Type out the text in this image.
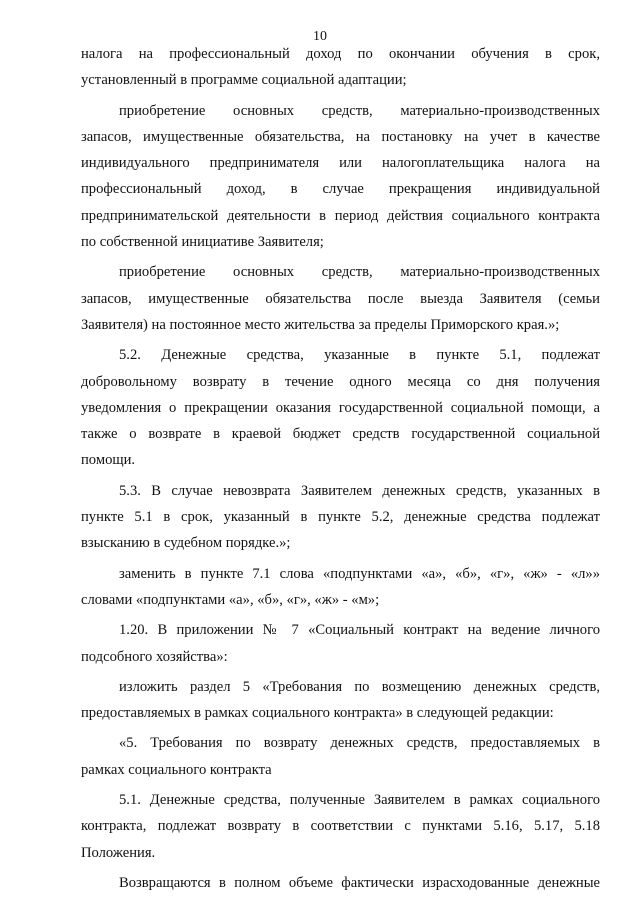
10
налога на профессиональный доход по окончании обучения в срок,
установленный в программе социальной адаптации;
приобретение основных средств, материально-производственных
запасов, имущественные обязательства, на постановку на учет в качестве
индивидуального предпринимателя или налогоплательщика налога на
профессиональный доход, в случае прекращения индивидуальной
предпринимательской деятельности в период действия социального контракта
по собственной инициативе Заявителя;
приобретение основных средств, материально-производственных
запасов, имущественные обязательства после выезда Заявителя (семьи
Заявителя) на постоянное место жительства за пределы Приморского края.»;
5.2. Денежные средства, указанные в пункте 5.1, подлежат
добровольному возврату в течение одного месяца со дня получения
уведомления о прекращении оказания государственной социальной помощи, а
также о возврате в краевой бюджет средств государственной социальной
помощи.
5.3. В случае невозврата Заявителем денежных средств, указанных в
пункте 5.1 в срок, указанный в пункте 5.2, денежные средства подлежат
взысканию в судебном порядке.»;
заменить в пункте 7.1 слова «подпунктами «а», «б», «г», «ж» - «л»»
словами «подпунктами «а», «б», «г», «ж» - «м»;
1.20. В приложении № 7 «Социальный контракт на ведение личного
подсобного хозяйства»:
изложить раздел 5 «Требования по возмещению денежных средств,
предоставляемых в рамках социального контракта» в следующей редакции:
«5. Требования по возврату денежных средств, предоставляемых в
рамках социального контракта
5.1. Денежные средства, полученные Заявителем в рамках социального
контракта, подлежат возврату в соответствии с пунктами 5.16, 5.17, 5.18
Положения.
Возвращаются в полном объеме фактически израсходованные денежные
